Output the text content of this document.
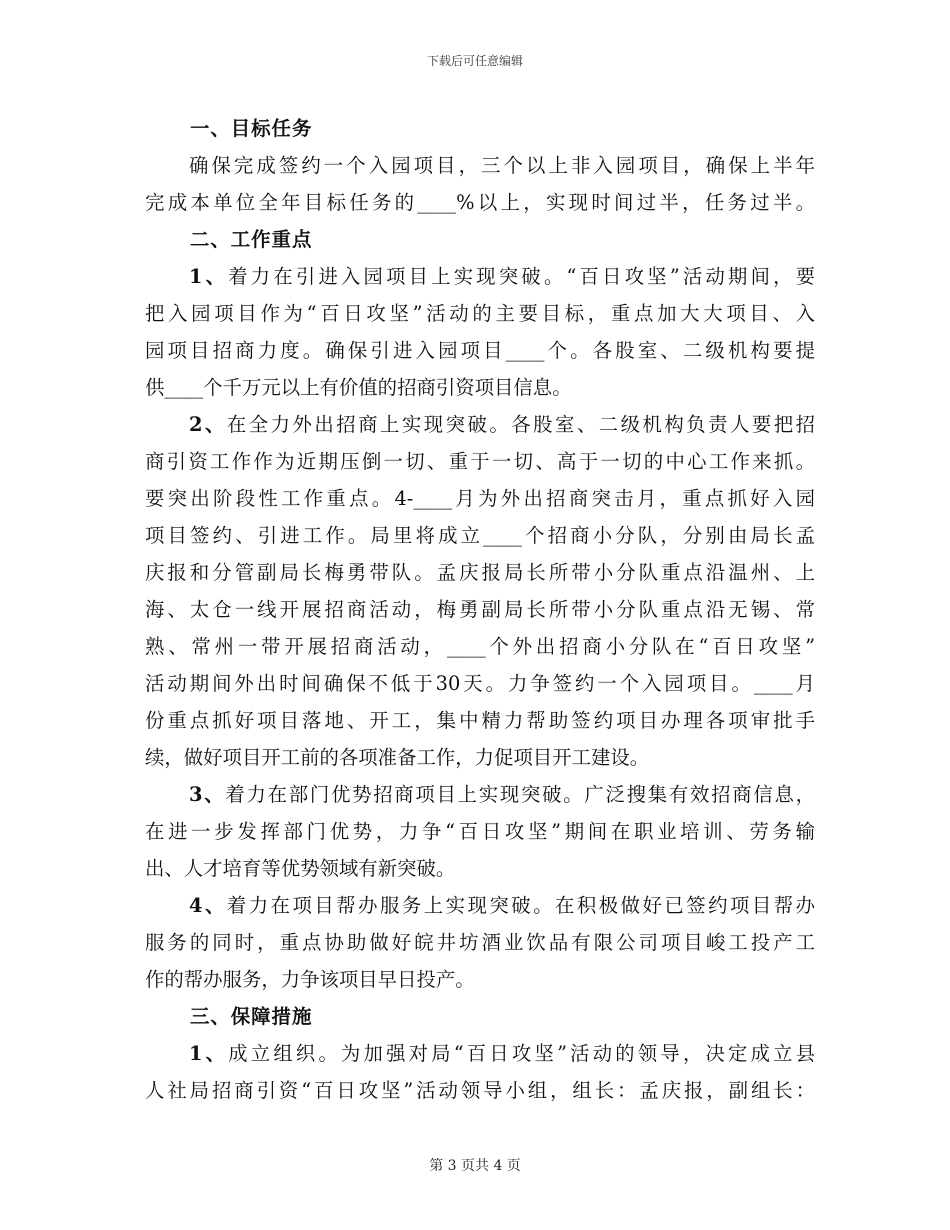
下载后可任意编辑
一、目标任务
确保完成签约一个入园项目，三个以上非入园项目，确保上半年
完成本单位全年目标任务的____%以上，实现时间过半，任务过半。
二、工作重点
1、着力在引进入园项目上实现突破。“百日攻坚”活动期间，要
把入园项目作为“百日攻坚”活动的主要目标，重点加大大项目、入
园项目招商力度。确保引进入园项目____个。各股室、二级机构要提
供____个千万元以上有价值的招商引资项目信息。
2、在全力外出招商上实现突破。各股室、二级机构负责人要把招
商引资工作作为近期压倒一切、重于一切、高于一切的中心工作来抓。
要突出阶段性工作重点。4-____月为外出招商突击月，重点抓好入园
项目签约、引进工作。局里将成立____个招商小分队，分别由局长孟
庆报和分管副局长梅勇带队。孟庆报局长所带小分队重点沿温州、上
海、太仓一线开展招商活动，梅勇副局长所带小分队重点沿无锡、常
熟、常州一带开展招商活动，____个外出招商小分队在“百日攻坚”
活动期间外出时间确保不低于30天。力争签约一个入园项目。____月
份重点抓好项目落地、开工，集中精力帮助签约项目办理各项审批手
续，做好项目开工前的各项准备工作，力促项目开工建设。
3、着力在部门优势招商项目上实现突破。广泛搜集有效招商信息，
在进一步发挥部门优势，力争“百日攻坚”期间在职业培训、劳务输
出、人才培育等优势领域有新突破。
4、着力在项目帮办服务上实现突破。在积极做好已签约项目帮办
服务的同时，重点协助做好皖井坊酒业饮品有限公司项目峻工投产工
作的帮办服务，力争该项目早日投产。
三、保障措施
1、成立组织。为加强对局“百日攻坚”活动的领导，决定成立县
人社局招商引资“百日攻坚”活动领导小组，组长：孟庆报，副组长：
第 3 页共 4 页
